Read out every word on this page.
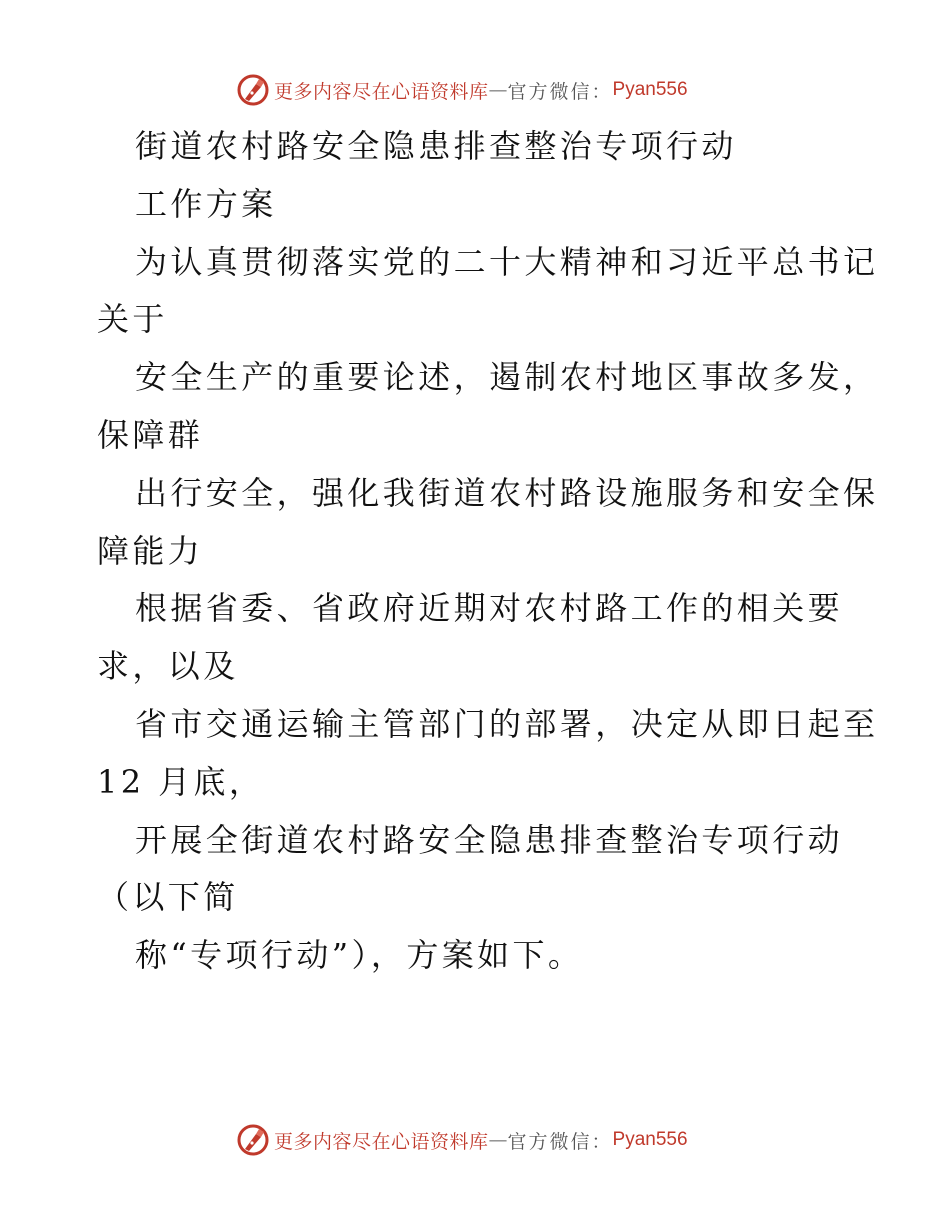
更多内容尽在心语资料库 — 官方微信： Pyan556
街道农村路安全隐患排查整治专项行动
工作方案
为认真贯彻落实党的二十大精神和习近平总书记
关于
安全生产的重要论述，遏制农村地区事故多发，
保障群
出行安全，强化我街道农村路设施服务和安全保
障能力
根据省委、省政府近期对农村路工作的相关要
求，以及
省市交通运输主管部门的部署，决定从即日起至
12 月底，
开展全街道农村路安全隐患排查整治专项行动
（以下简
称“专项行动”），方案如下。
更多内容尽在心语资料库 — 官方微信： Pyan556
